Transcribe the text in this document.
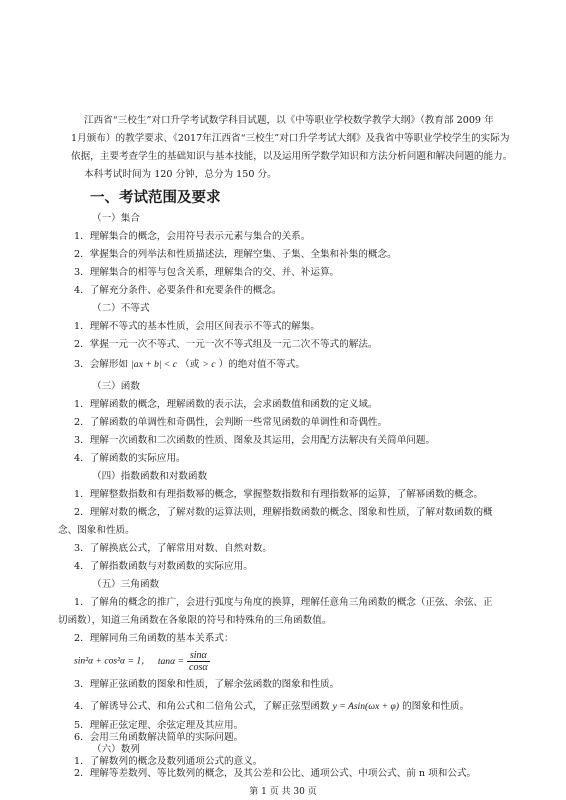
江西省“三校生”对口升学考试数学科目试题，以《中等职业学校数学教学大纲》（教育部 2009 年
1月颁布）的教学要求、《2017年江西省“三校生”对口升学考试大纲》及我省中等职业学校学生的实际为
依据，主要考查学生的基础知识与基本技能，以及运用所学数学知识和方法分析问题和解决问题的能力。
本科考试时间为 120 分钟，总分为 150 分。
一、考试范围及要求
（一）集合
1．理解集合的概念，会用符号表示元素与集合的关系。
2．掌握集合的列举法和性质描述法，理解空集、子集、全集和补集的概念。
3．理解集合的相等与包含关系，理解集合的交、并、补运算。
4．了解充分条件、必要条件和充要条件的概念。
（二）不等式
1．理解不等式的基本性质，会用区间表示不等式的解集。
2．掌握一元一次不等式、一元一次不等式组及一元二次不等式的解法。
3．会解形如 |ax + b| < c （或 > c ）的绝对值不等式。
（三）函数
1．理解函数的概念，理解函数的表示法，会求函数值和函数的定义域。
2．了解函数的单调性和奇偶性，会判断一些常见函数的单调性和奇偶性。
3．理解一次函数和二次函数的性质、图象及其运用，会用配方法解决有关简单问题。
4．了解函数的实际应用。
（四）指数函数和对数函数
1．理解整数指数和有理指数幂的概念，掌握整数指数和有理指数幂的运算，了解幂函数的概念。
2．理解对数的概念，了解对数的运算法则，理解指数函数的概念、图象和性质，了解对数函数的概
念、图象和性质。
3．了解换底公式，了解常用对数、自然对数。
4．了解指数函数与对数函数的实际应用。
（五）三角函数
1．了解角的概念的推广，会进行弧度与角度的换算，理解任意角三角函数的概念（正弦、余弦、正
切函数），知道三角函数在各象限的符号和特殊角的三角函数值。
2．理解同角三角函数的基本关系式：
sin²α + cos²α = 1， $\tan\alpha = \frac{\sin\alpha}{\cos\alpha}$
3．理解正弦函数的图象和性质，了解余弦函数的图象和性质。
4．了解诱导公式、和角公式和二倍角公式，了解正弦型函数 y = Asin(ωx + φ) 的图象和性质。
第 1 页 共 30 页
5．理解正弦定理、余弦定理及其应用。
6．会用三角函数解决简单的实际问题。
（六）数列
1．了解数列的概念及数列通项公式的意义。
2．理解等差数列、等比数列的概念，及其公差和公比、通项公式、中项公式、前 n 项和公式。
